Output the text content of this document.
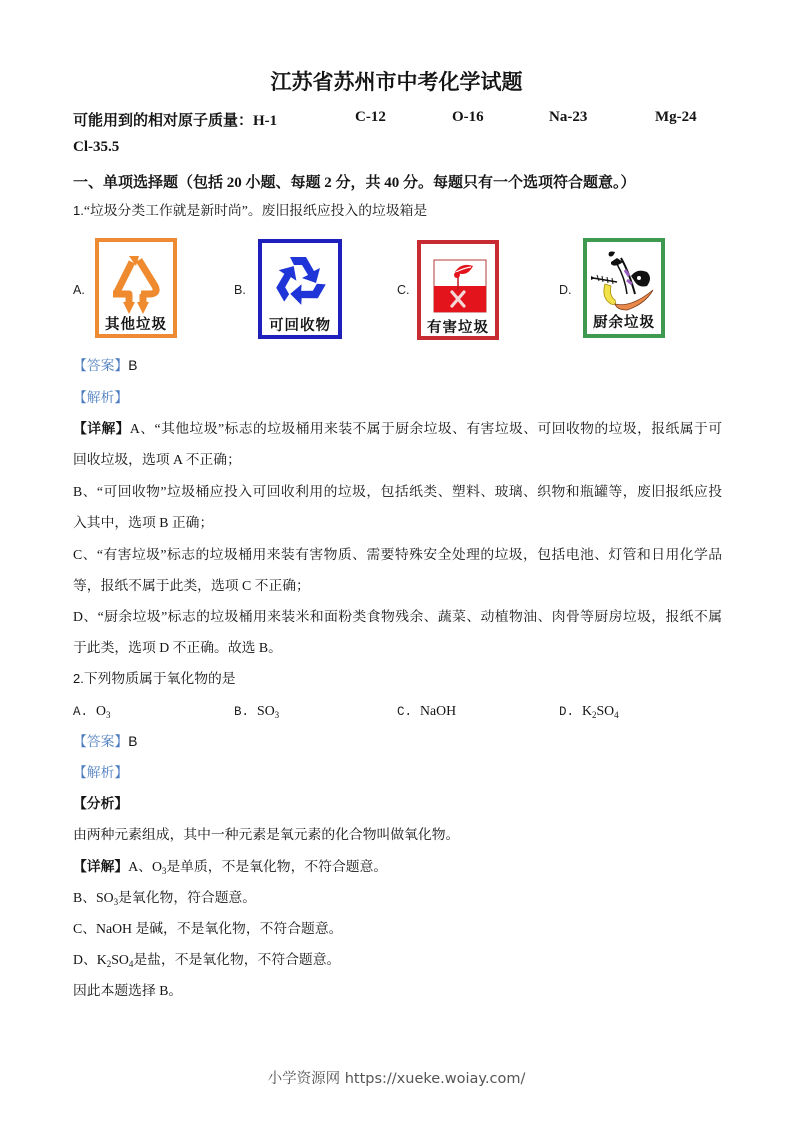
江苏省苏州市中考化学试题
可能用到的相对原子质量：H-1	C-12	O-16	Na-23	Mg-24
Cl-35.5
一、单项选择题（包括 20 小题、每题 2 分，共 40 分。每题只有一个选项符合题意。）
1.“垃圾分类工作就是新时尚”。废旧报纸应投入的垃圾箱是
A.
其他垃圾
B.
可回收物
C.
有害垃圾
D.
厨余垃圾
【答案】B
【解析】
【详解】A、“其他垃圾”标志的垃圾桶用来装不属于厨余垃圾、有害垃圾、可回收物的垃圾，报纸属于可
回收垃圾，选项 A 不正确；
B、“可回收物”垃圾桶应投入可回收利用的垃圾，包括纸类、塑料、玻璃、织物和瓶罐等，废旧报纸应投
入其中，选项 B 正确；
C、“有害垃圾”标志的垃圾桶用来装有害物质、需要特殊安全处理的垃圾，包括电池、灯管和日用化学品
等，报纸不属于此类，选项 C 不正确；
D、“厨余垃圾”标志的垃圾桶用来装米和面粉类食物残余、蔬菜、动植物油、肉骨等厨房垃圾，报纸不属
于此类，选项 D 不正确。故选 B。
2.下列物质属于氧化物的是
A. $O_3$	B. $SO_3$	C. NaOH	D. $K_2SO_4$
【答案】B
【解析】
【分析】
由两种元素组成，其中一种元素是氧元素的化合物叫做氧化物。
【详解】A、$O_3$是单质，不是氧化物，不符合题意。
B、$SO_3$是氧化物，符合题意。
C、NaOH 是碱，不是氧化物，不符合题意。
D、$K_2SO_4$是盐，不是氧化物，不符合题意。
因此本题选择 B。
小学资源网 https://xueke.woiay.com/
